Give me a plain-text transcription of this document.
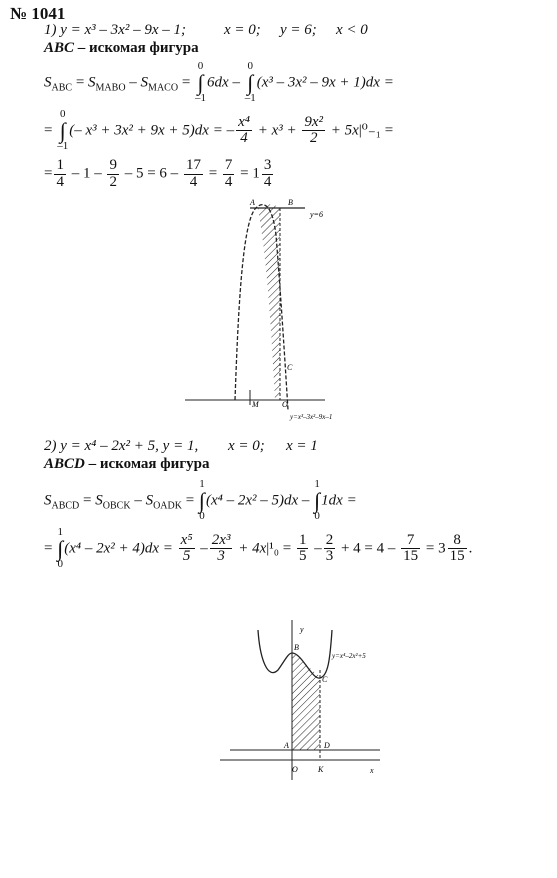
№ 1041
1) y = x³ – 3x² – 9x – 1;	x = 0; y = 6; x < 0
ABC – искомая фигура
$S_{ABC} = S_{MABO} - S_{MACO} = 0$
∫
–16dx – 0
∫
–1(x³ – 3x² – 9x + 1)dx =
= 0
∫
–1(– x³ + 3x² + 9x + 5)dx = – $\frac{\text{x⁴}}{4} + x^3 + \frac{\text{9x²}}{2} + 5x|^0_{-1}$ =
= $\frac{1}{4} - 1 - \frac{9}{2} - 5 = 6 - \frac{17}{4} = \frac{7}{4} = 1 \frac{3}{4}$
A	B
C
M	O
y=6
y=x³–3x²–9x–1
2) y = x⁴ – 2x² + 5, y = 1, x = 0; x = 1
ABCD – искомая фигура
$S_{ABCD} = S_{OBCK} - S_{OADK} = 1$
∫
0(x⁴ – 2x² – 5)dx – 1
∫
01dx =
= 1
∫
$0(x^4 - 2x^2 + 4)dx = \frac{\text{x⁵}}{5} - \frac{\text{2x³}}{3} + 4x|^1_0 = \frac{1}{5} - \frac{2}{3} + 4 = 4 - \frac{7}{15} = 3 \frac{8}{15}$ .
y
x
B
C
A	D
O	K
y=x⁴–2x²+5
